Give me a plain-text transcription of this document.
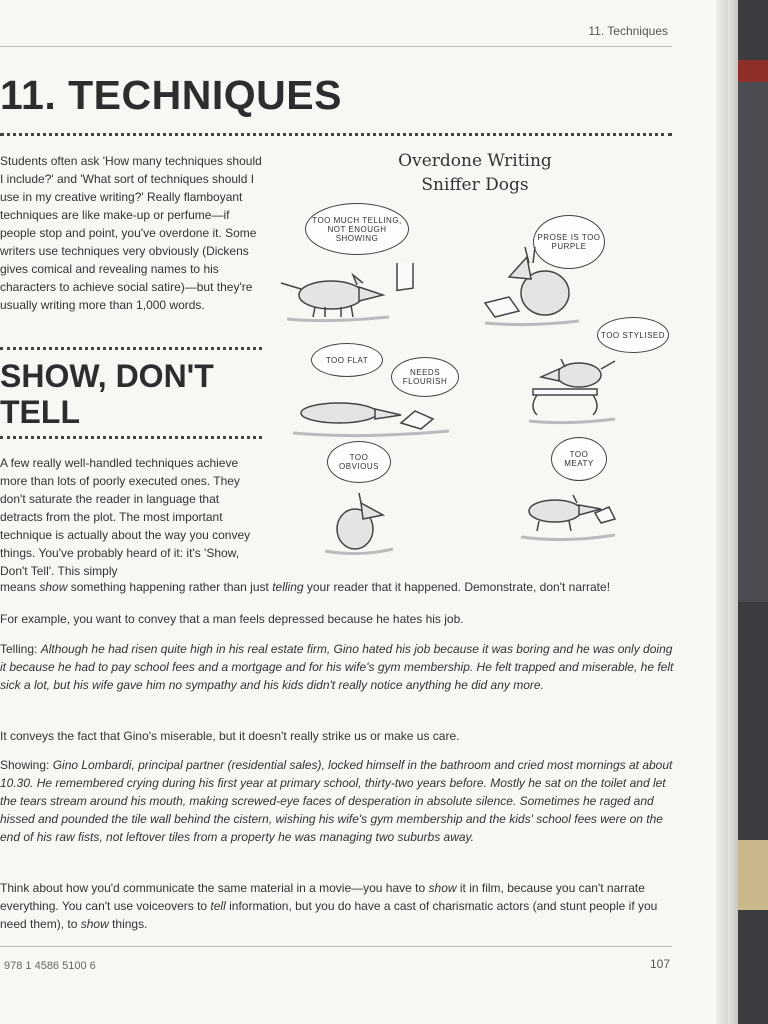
11. Techniques
11. TECHNIQUES

Students often ask 'How many techniques should I include?' and 'What sort of techniques should I use in my creative writing?' Really flamboyant techniques are like make-up or perfume—if people stop and point, you've overdone it. Some writers use techniques very obviously (Dickens gives comical and revealing names to his characters to achieve social satire)—but they're usually writing more than 1,000 words.

SHOW, DON'T
TELL

A few really well-handled techniques achieve more than lots of poorly executed ones. They don't saturate the reader in language that detracts from the plot. The most important technique is actually about the way you convey things. You've probably heard of it: it's 'Show, Don't Tell'. This simply

Overdone Writing
Sniffer Dogs
TOO MUCH TELLING, NOT ENOUGH SHOWING	PROSE IS TOO PURPLE
TOO STYLISED
TOO FLAT
NEEDS FLOURISH
TOO OBVIOUS
TOO MEATY

means show something happening rather than just telling your reader that it happened. Demonstrate, don't narrate!

For example, you want to convey that a man feels depressed because he hates his job.

Telling: Although he had risen quite high in his real estate firm, Gino hated his job because it was boring and he was only doing it because he had to pay school fees and a mortgage and for his wife's gym membership. He felt trapped and miserable, he felt sick a lot, but his wife gave him no sympathy and his kids didn't really notice anything he did any more.

It conveys the fact that Gino's miserable, but it doesn't really strike us or make us care.

Showing: Gino Lombardi, principal partner (residential sales), locked himself in the bathroom and cried most mornings at about 10.30. He remembered crying during his first year at primary school, thirty-two years before. Mostly he sat on the toilet and let the tears stream around his mouth, making screwed-eye faces of desperation in absolute silence. Sometimes he raged and hissed and pounded the tile wall behind the cistern, wishing his wife's gym membership and the kids' school fees were on the end of his raw fists, not leftover tiles from a property he was managing two suburbs away.

Think about how you'd communicate the same material in a movie—you have to show it in film, because you can't narrate everything. You can't use voiceovers to tell information, but you do have a cast of charismatic actors (and stunt people if you need them), to show things.

978 1 4586 5100 6	107
